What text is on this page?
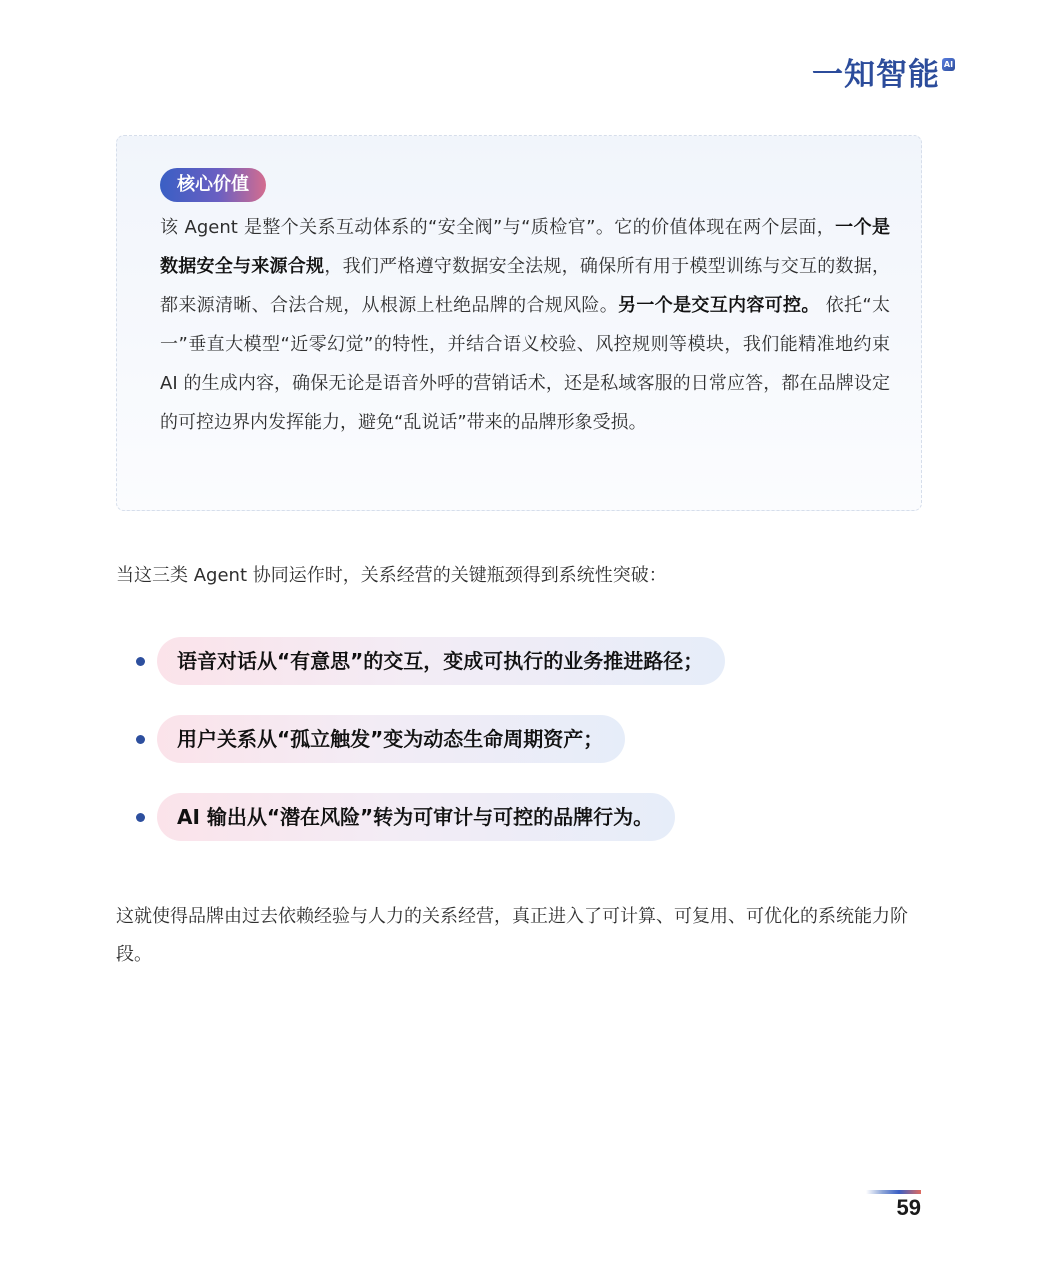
一知智能 AI
核心价值
该 Agent 是整个关系互动体系的“安全阀”与“质检官”。它的价值体现在两个层面，一个是数据安全与来源合规，我们严格遵守数据安全法规，确保所有用于模型训练与交互的数据，都来源清晰、合法合规，从根源上杜绝品牌的合规风险。另一个是交互内容可控。 依托“太一”垂直大模型“近零幻觉”的特性，并结合语义校验、风控规则等模块，我们能精准地约束 AI 的生成内容，确保无论是语音外呼的营销话术，还是私域客服的日常应答，都在品牌设定的可控边界内发挥能力，避免“乱说话”带来的品牌形象受损。
当这三类 Agent 协同运作时，关系经营的关键瓶颈得到系统性突破：
语音对话从“有意思”的交互，变成可执行的业务推进路径；
用户关系从“孤立触发”变为动态生命周期资产；
AI 输出从“潜在风险”转为可审计与可控的品牌行为。
这就使得品牌由过去依赖经验与人力的关系经营，真正进入了可计算、可复用、可优化的系统能力阶段。
59
